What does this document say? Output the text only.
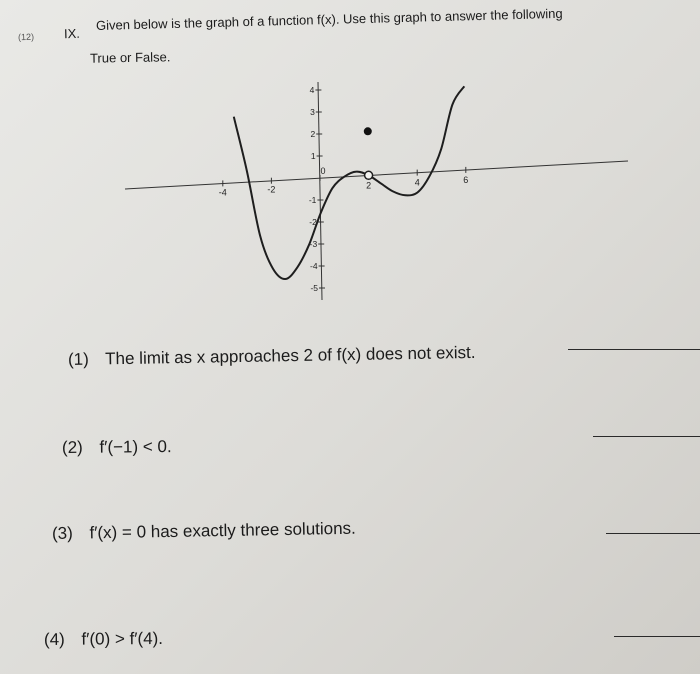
(12) IX.
Given below is the graph of a function f(x). Use this graph to answer the following
True or False.
-4	-2
0
2	4	6
4
3
2
1
-1
-2
-3
-4
-5
(1) The limit as x approaches 2 of f(x) does not exist.
(2) f′(−1) < 0.
(3) f′(x) = 0 has exactly three solutions.
(4) f′(0) > f′(4).
